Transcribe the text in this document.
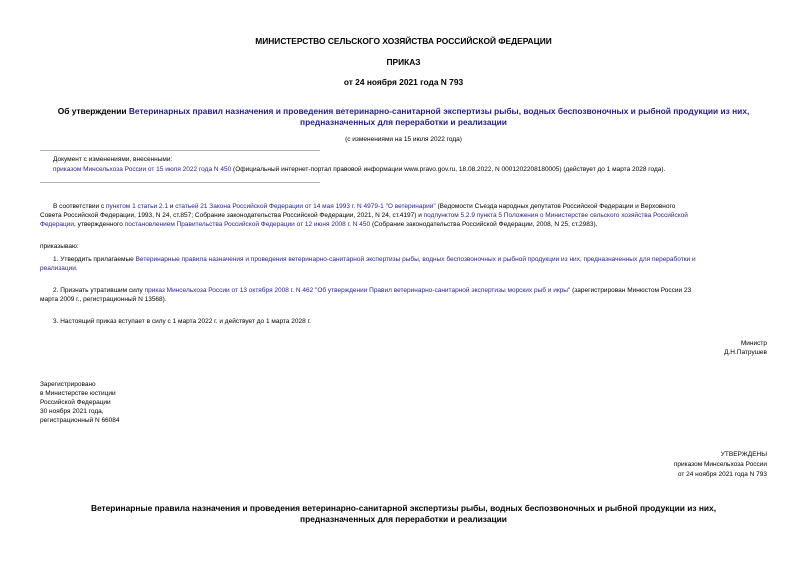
МИНИСТЕРСТВО СЕЛЬСКОГО ХОЗЯЙСТВА РОССИЙСКОЙ ФЕДЕРАЦИИ

ПРИКАЗ

от 24 ноября 2021 года N 793

Об утверждении Ветеринарных правил назначения и проведения ветеринарно-санитарной экспертизы рыбы, водных беспозвоночных и рыбной продукции из них,

предназначенных для переработки и реализации

(с изменениями на 15 июля 2022 года)

Документ с изменениями, внесенными:

приказом Минсельхоза России от 15 июля 2022 года N 450 (Официальный интернет-портал правовой информации www.pravo.gov.ru, 18.08.2022, N 0001202208180005) (действует до 1 марта 2028 года).

В соответствии с пунктом 1 статьи 2.1 и статьей 21 Закона Российской Федерации от 14 мая 1993 г. N 4979-1 "О ветеринарии" (Ведомости Съезда народных депутатов Российской Федерации и Верховного

Совета Российской Федерации, 1993, N 24, ст.857; Собрание законодательства Российской Федерации, 2021, N 24, ст.4197) и подпунктом 5.2.9 пункта 5 Положения о Министерстве сельского хозяйства Российской

Федерации, утвержденного постановлением Правительства Российской Федерации от 12 июня 2008 г. N 450 (Собрание законодательства Российской Федерации, 2008, N 25, ст.2983),

приказываю:

1. Утвердить прилагаемые Ветеринарные правила назначения и проведения ветеринарно-санитарной экспертизы рыбы, водных беспозвоночных и рыбной продукции из них, предназначенных для переработки и

реализации.

2. Признать утратившим силу приказ Минсельхоза России от 13 октября 2008 г. N 462 "Об утверждении Правил ветеринарно-санитарной экспертизы морских рыб и икры" (зарегистрирован Минюстом России 23

марта 2009 г., регистрационный N 13568).

3. Настоящий приказ вступает в силу с 1 марта 2022 г. и действует до 1 марта 2028 г.

Министр

Д.Н.Патрушев

Зарегистрировано

в Министерстве юстиции

Российской Федерации

30 ноября 2021 года,

регистрационный N 66084

УТВЕРЖДЕНЫ

приказом Минсельхоза России

от 24 ноября 2021 года N 793

Ветеринарные правила назначения и проведения ветеринарно-санитарной экспертизы рыбы, водных беспозвоночных и рыбной продукции из них,

предназначенных для переработки и реализации
